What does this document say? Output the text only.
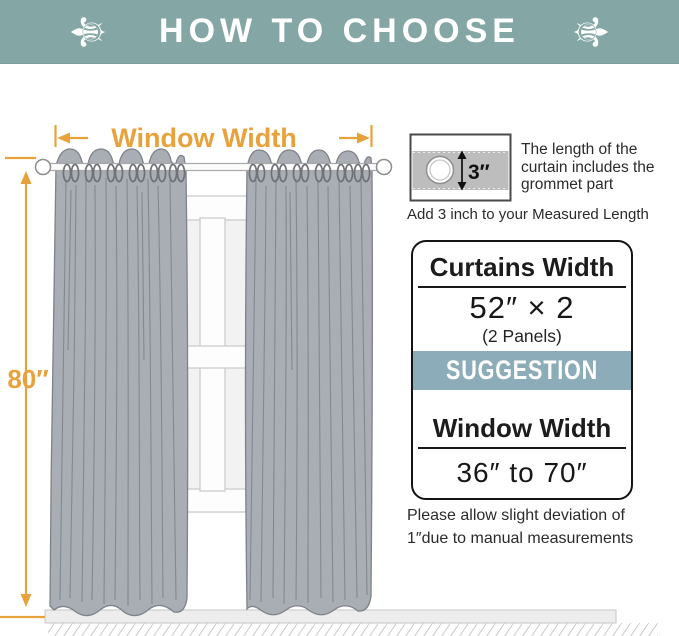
⚜ HOW TO CHOOSE ⚜
Window Width
80″
3″
The length of the curtain includes the grommet part
Add 3 inch to your Measured Length
Curtains Width
52″ × 2
(2 Panels)
SUGGESTION
Window Width
36″ to 70″
Please allow slight deviation of
1″due to manual measurements
